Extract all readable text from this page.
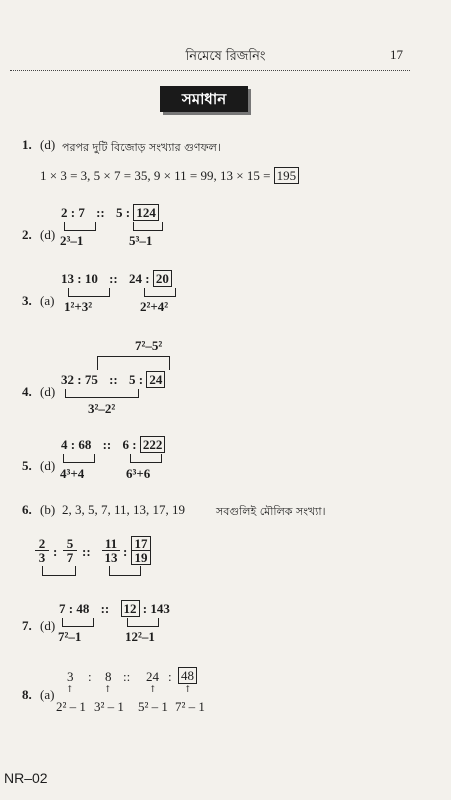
নিমেষে রিজনিং	17
সমাধান
1. (d) পরপর দুটি বিজোড় সংখ্যার গুণফল।
1 × 3 = 3, 5 × 7 = 35, 9 × 11 = 99, 13 × 15 = 195
2. (d)
2 : 7 :: 5 : 124
2³–1	5³–1
3. (a)
13 : 10 :: 24 : 20
1²+3²	2²+4²
7²–5²
4. (d)
32 : 75 :: 5 : 24
3²–2²
5. (d)
4 : 68 :: 6 : 222
4³+4	6³+6
6. (b) 2, 3, 5, 7, 11, 13, 17, 19	সবগুলিই মৌলিক সংখ্যা।
$\frac{2}{3}$ : $\frac{5}{7}$ :: $\frac{11}{13}$ : $\frac{17}{19}$
7. (d)
7 : 48 :: 12 : 143
7²–1	12²–1
8. (a)
3 : 8 :: 24 : 48
↑	↑	↑	↑
2² – 1 3² – 1 5² – 1 7² – 1
NR–02
